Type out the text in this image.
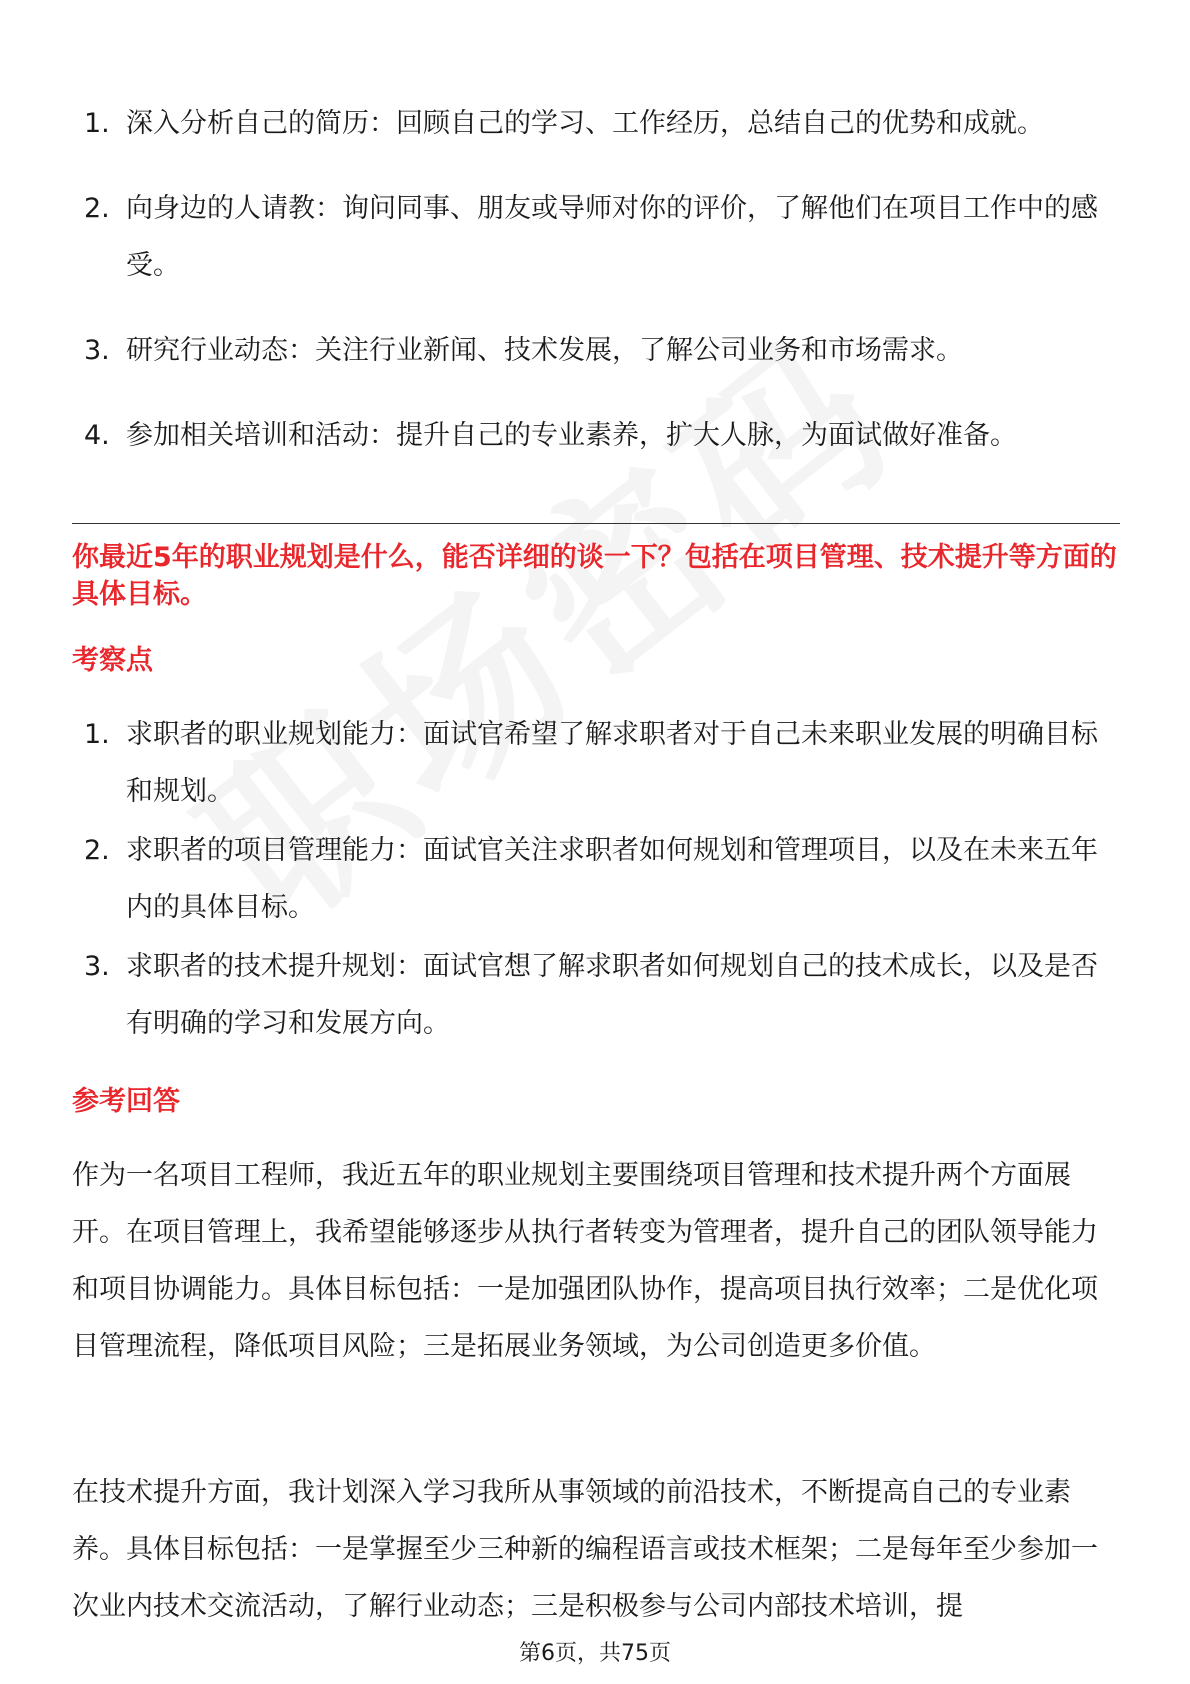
1. 深入分析自己的简历：回顾自己的学习、工作经历，总结自己的优势和成就。
2. 向身边的人请教：询问同事、朋友或导师对你的评价，了解他们在项目工作中的感受。
3. 研究行业动态：关注行业新闻、技术发展，了解公司业务和市场需求。
4. 参加相关培训和活动：提升自己的专业素养，扩大人脉，为面试做好准备。
你最近5年的职业规划是什么，能否详细的谈一下？包括在项目管理、技术提升等方面的具体目标。
考察点
1. 求职者的职业规划能力：面试官希望了解求职者对于自己未来职业发展的明确目标和规划。
2. 求职者的项目管理能力：面试官关注求职者如何规划和管理项目，以及在未来五年内的具体目标。
3. 求职者的技术提升规划：面试官想了解求职者如何规划自己的技术成长，以及是否有明确的学习和发展方向。
参考回答

作为一名项目工程师，我近五年的职业规划主要围绕项目管理和技术提升两个方面展开。在项目管理上，我希望能够逐步从执行者转变为管理者，提升自己的团队领导能力和项目协调能力。具体目标包括：一是加强团队协作，提高项目执行效率；二是优化项目管理流程，降低项目风险；三是拓展业务领域，为公司创造更多价值。

在技术提升方面，我计划深入学习我所从事领域的前沿技术，不断提高自己的专业素养。具体目标包括：一是掌握至少三种新的编程语言或技术框架；二是每年至少参加一次业内技术交流活动，了解行业动态；三是积极参与公司内部技术培训，提

第6页，共75页
